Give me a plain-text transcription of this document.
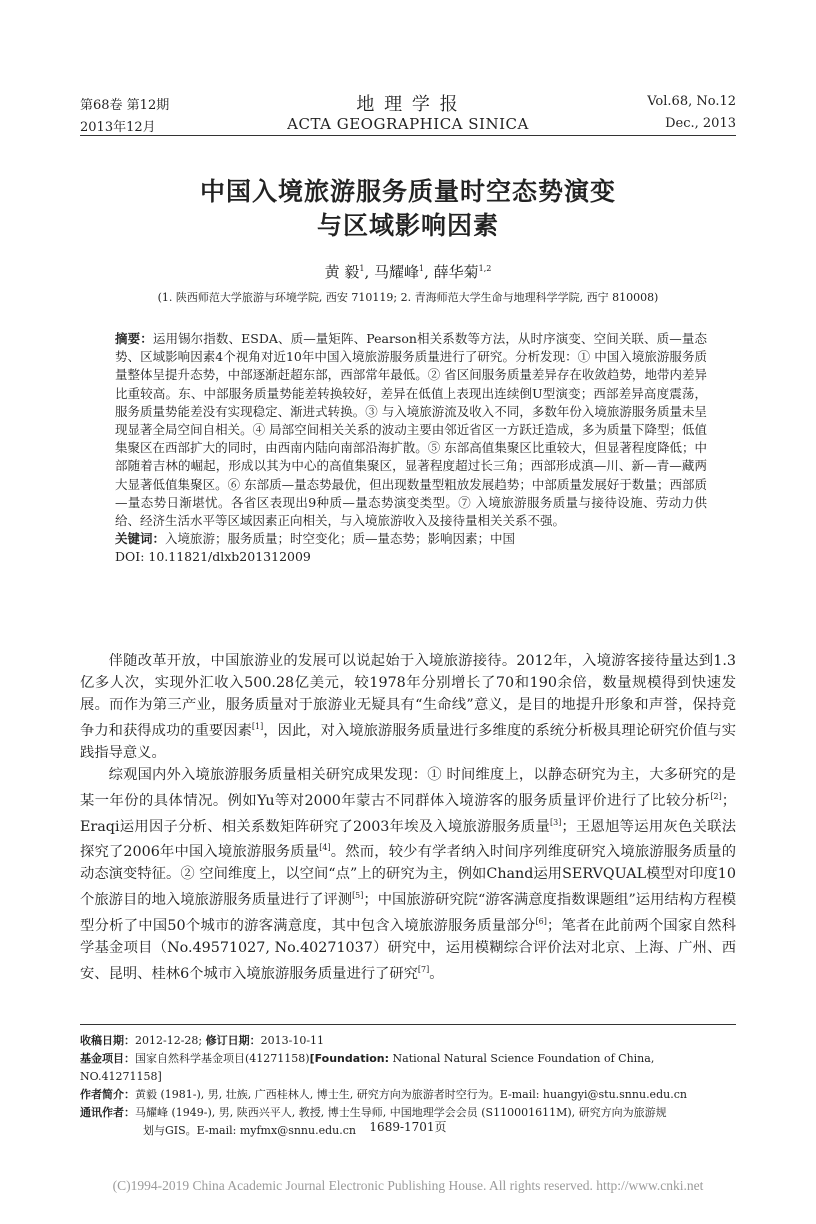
第68卷 第12期
2013年12月
地 理 学 报
ACTA GEOGRAPHICA SINICA
Vol.68, No.12
Dec., 2013
中国入境旅游服务质量时空态势演变
与区域影响因素
黄 毅$^1$, 马耀峰$^1$, 薛华菊$^{1,2}$
(1. 陕西师范大学旅游与环境学院, 西安 710119; 2. 青海师范大学生命与地理科学学院, 西宁 810008)
摘要：运用锡尔指数、ESDA、质—量矩阵、Pearson相关系数等方法，从时序演变、空间关联、质—量态势、区域影响因素4个视角对近10年中国入境旅游服务质量进行了研究。分析发现：① 中国入境旅游服务质量整体呈提升态势，中部逐渐赶超东部，西部常年最低。② 省区间服务质量差异存在收敛趋势，地带内差异比重较高。东、中部服务质量势能差转换较好，差异在低值上表现出连续倒U型演变；西部差异高度震荡，服务质量势能差没有实现稳定、渐进式转换。③ 与入境旅游流及收入不同，多数年份入境旅游服务质量未呈现显著全局空间自相关。④ 局部空间相关关系的波动主要由邻近省区一方跃迁造成，多为质量下降型；低值集聚区在西部扩大的同时，由西南内陆向南部沿海扩散。⑤ 东部高值集聚区比重较大，但显著程度降低；中部随着吉林的崛起，形成以其为中心的高值集聚区，显著程度超过长三角；西部形成滇—川、新—青—藏两大显著低值集聚区。⑥ 东部质—量态势最优，但出现数量型粗放发展趋势；中部质量发展好于数量；西部质—量态势日渐堪忧。各省区表现出9种质—量态势演变类型。⑦ 入境旅游服务质量与接待设施、劳动力供给、经济生活水平等区域因素正向相关，与入境旅游收入及接待量相关关系不强。
关键词：入境旅游；服务质量；时空变化；质—量态势；影响因素；中国
DOI: 10.11821/dlxb201312009

伴随改革开放，中国旅游业的发展可以说起始于入境旅游接待。2012年，入境游客接待量达到1.3亿多人次，实现外汇收入500.28亿美元，较1978年分别增长了70和190余倍，数量规模得到快速发展。而作为第三产业，服务质量对于旅游业无疑具有“生命线”意义，是目的地提升形象和声誉，保持竞争力和获得成功的重要因素[1]，因此，对入境旅游服务质量进行多维度的系统分析极具理论研究价值与实践指导意义。

综观国内外入境旅游服务质量相关研究成果发现：① 时间维度上，以静态研究为主，大多研究的是某一年份的具体情况。例如Yu等对2000年蒙古不同群体入境游客的服务质量评价进行了比较分析[2]；Eraqi运用因子分析、相关系数矩阵研究了2003年埃及入境旅游服务质量[3]；王恩旭等运用灰色关联法探究了2006年中国入境旅游服务质量[4]。然而，较少有学者纳入时间序列维度研究入境旅游服务质量的动态演变特征。② 空间维度上，以空间“点”上的研究为主，例如Chand运用SERVQUAL模型对印度10个旅游目的地入境旅游服务质量进行了评测[5]；中国旅游研究院“游客满意度指数课题组”运用结构方程模型分析了中国50个城市的游客满意度，其中包含入境旅游服务质量部分[6]；笔者在此前两个国家自然科学基金项目（No.49571027, No.40271037）研究中，运用模糊综合评价法对北京、上海、广州、西安、昆明、桂林6个城市入境旅游服务质量进行了研究[7]。

收稿日期：2012-12-28; 修订日期：2013-10-11
基金项目：国家自然科学基金项目(41271158)[Foundation: National Natural Science Foundation of China, NO.41271158]
作者简介：黄毅 (1981-), 男, 壮族, 广西桂林人, 博士生, 研究方向为旅游者时空行为。E-mail: huangyi@stu.snnu.edu.cn
通讯作者：马耀峰 (1949-), 男, 陕西兴平人, 教授, 博士生导师, 中国地理学会会员 (S110001611M), 研究方向为旅游规
划与GIS。E-mail: myfmx@snnu.edu.cn	1689-1701页
(C)1994-2019 China Academic Journal Electronic Publishing House. All rights reserved. http://www.cnki.net
